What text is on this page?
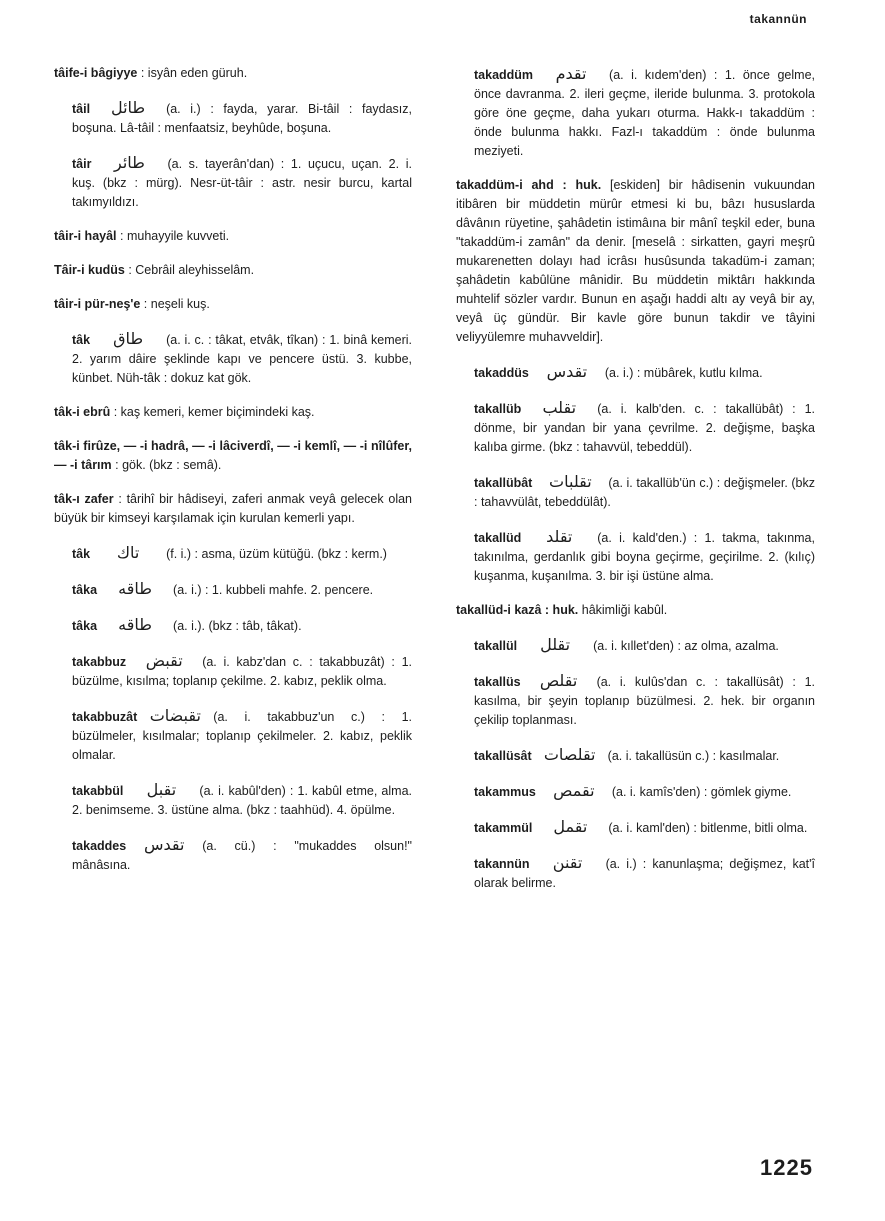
takannün
tâife-i bâgiyye : isyân eden güruh.
tâil طائل (a. i.) : fayda, yarar. Bi-tâil : faydasız, boşuna. Lâ-tâil : menfaatsiz, beyhûde, boşuna.
tâir طائر (a. s. tayerân'dan) : 1. uçucu, uçan. 2. i. kuş. (bkz : mürg). Nesr-üt-tâir : astr. nesir burcu, kartal takımyıldızı.
tâir-i hayâl : muhayyile kuvveti.
Tâir-i kudüs : Cebrâil aleyhisselâm.
tâir-i pür-neş'e : neşeli kuş.
tâk طاق (a. i. c. : tâkat, etvâk, tîkan) : 1. binâ kemeri. 2. yarım dâire şeklinde kapı ve pencere üstü. 3. kubbe, künbet. Nüh-tâk : dokuz kat gök.
tâk-i ebrû : kaş kemeri, kemer biçimindeki kaş.
tâk-i firûze, — -i hadrâ, — -i lâciverdî, — -i kemlî, — -i nîlûfer, — -i târım : gök. (bkz : semâ).
tâk-ı zafer : târihî bir hâdiseyi, zaferi anmak veyâ gelecek olan büyük bir kimseyi karşılamak için kurulan kemerli yapı.
tâk تاك (f. i.) : asma, üzüm kütüğü. (bkz : kerm.)
tâka طاقه (a. i.) : 1. kubbeli mahfe. 2. pencere.
tâka طاقه (a. i.). (bkz : tâb, tâkat).
takabbuz تقبض (a. i. kabz'dan c. : takabbuzât) : 1. büzülme, kısılma; toplanıp çekilme. 2. kabız, peklik olma.
takabbuzât تقبضات (a. i. takabbuz'un c.) : 1. büzülmeler, kısılmalar; toplanıp çekilmeler. 2. kabız, peklik olmalar.
takabbül تقبل (a. i. kabûl'den) : 1. kabûl etme, alma. 2. benimseme. 3. üstüne alma. (bkz : taahhüd). 4. öpülme.
takaddes تقدس (a. cü.) : "mukaddes olsun!" mânâsına.
takaddüm تقدم (a. i. kıdem'den) : 1. önce gelme, önce davranma. 2. ileri geçme, ileride bulunma. 3. protokola göre öne geçme, daha yukarı oturma. Hakk-ı takaddüm : önde bulunma hakkı. Fazl-ı takaddüm : önde bulunma meziyeti.
takaddüm-i ahd : huk. [eskiden] bir hâdisenin vukuundan itibâren bir müddetin mürûr etmesi ki bu, bâzı hususlarda dâvânın rüyetine, şahâdetin istimâına bir mânî teşkil eder, buna "takaddüm-i zamân" da denir. [meselâ : sirkatten, gayri meşrû mukarenetten dolayı had icrâsı husûsunda takadüm-i zaman; şahâdetin kabûlüne mânidir. Bu müddetin miktârı hakkında muhtelif sözler vardır. Bunun en aşağı haddi altı ay veyâ bir ay, veyâ üç gündür. Bir kavle göre bunun takdir ve tâyini veliyyülemre muhavveldir].
takaddüs تقدس (a. i.) : mübârek, kutlu kılma.
takallüb تقلب (a. i. kalb'den. c. : takallübât) : 1. dönme, bir yandan bir yana çevrilme. 2. değişme, başka kalıba girme. (bkz : tahavvül, tebeddül).
takallübât تقلبات (a. i. takallüb'ün c.) : değişmeler. (bkz : tahavvülât, tebeddülât).
takallüd تقلد (a. i. kald'den.) : 1. takma, takınma, takınılma, gerdanlık gibi boyna geçirme, geçirilme. 2. (kılıç) kuşanma, kuşanılma. 3. bir işi üstüne alma.
takallüd-i kazâ : huk. hâkimliği kabûl.
takallül تقلل (a. i. kıllet'den) : az olma, azalma.
takallüs تقلص (a. i. kulûs'dan c. : takallüsât) : 1. kasılma, bir şeyin toplanıp büzülmesi. 2. hek. bir organın çekilip toplanması.
takallüsât تقلصات (a. i. takallüsün c.) : kasılmalar.
takammus تقمص (a. i. kamîs'den) : gömlek giyme.
takammül تقمل (a. i. kaml'den) : bitlenme, bitli olma.
takannün تقنن (a. i.) : kanunlaşma; değişmez, kat'î olarak belirme.
1225
